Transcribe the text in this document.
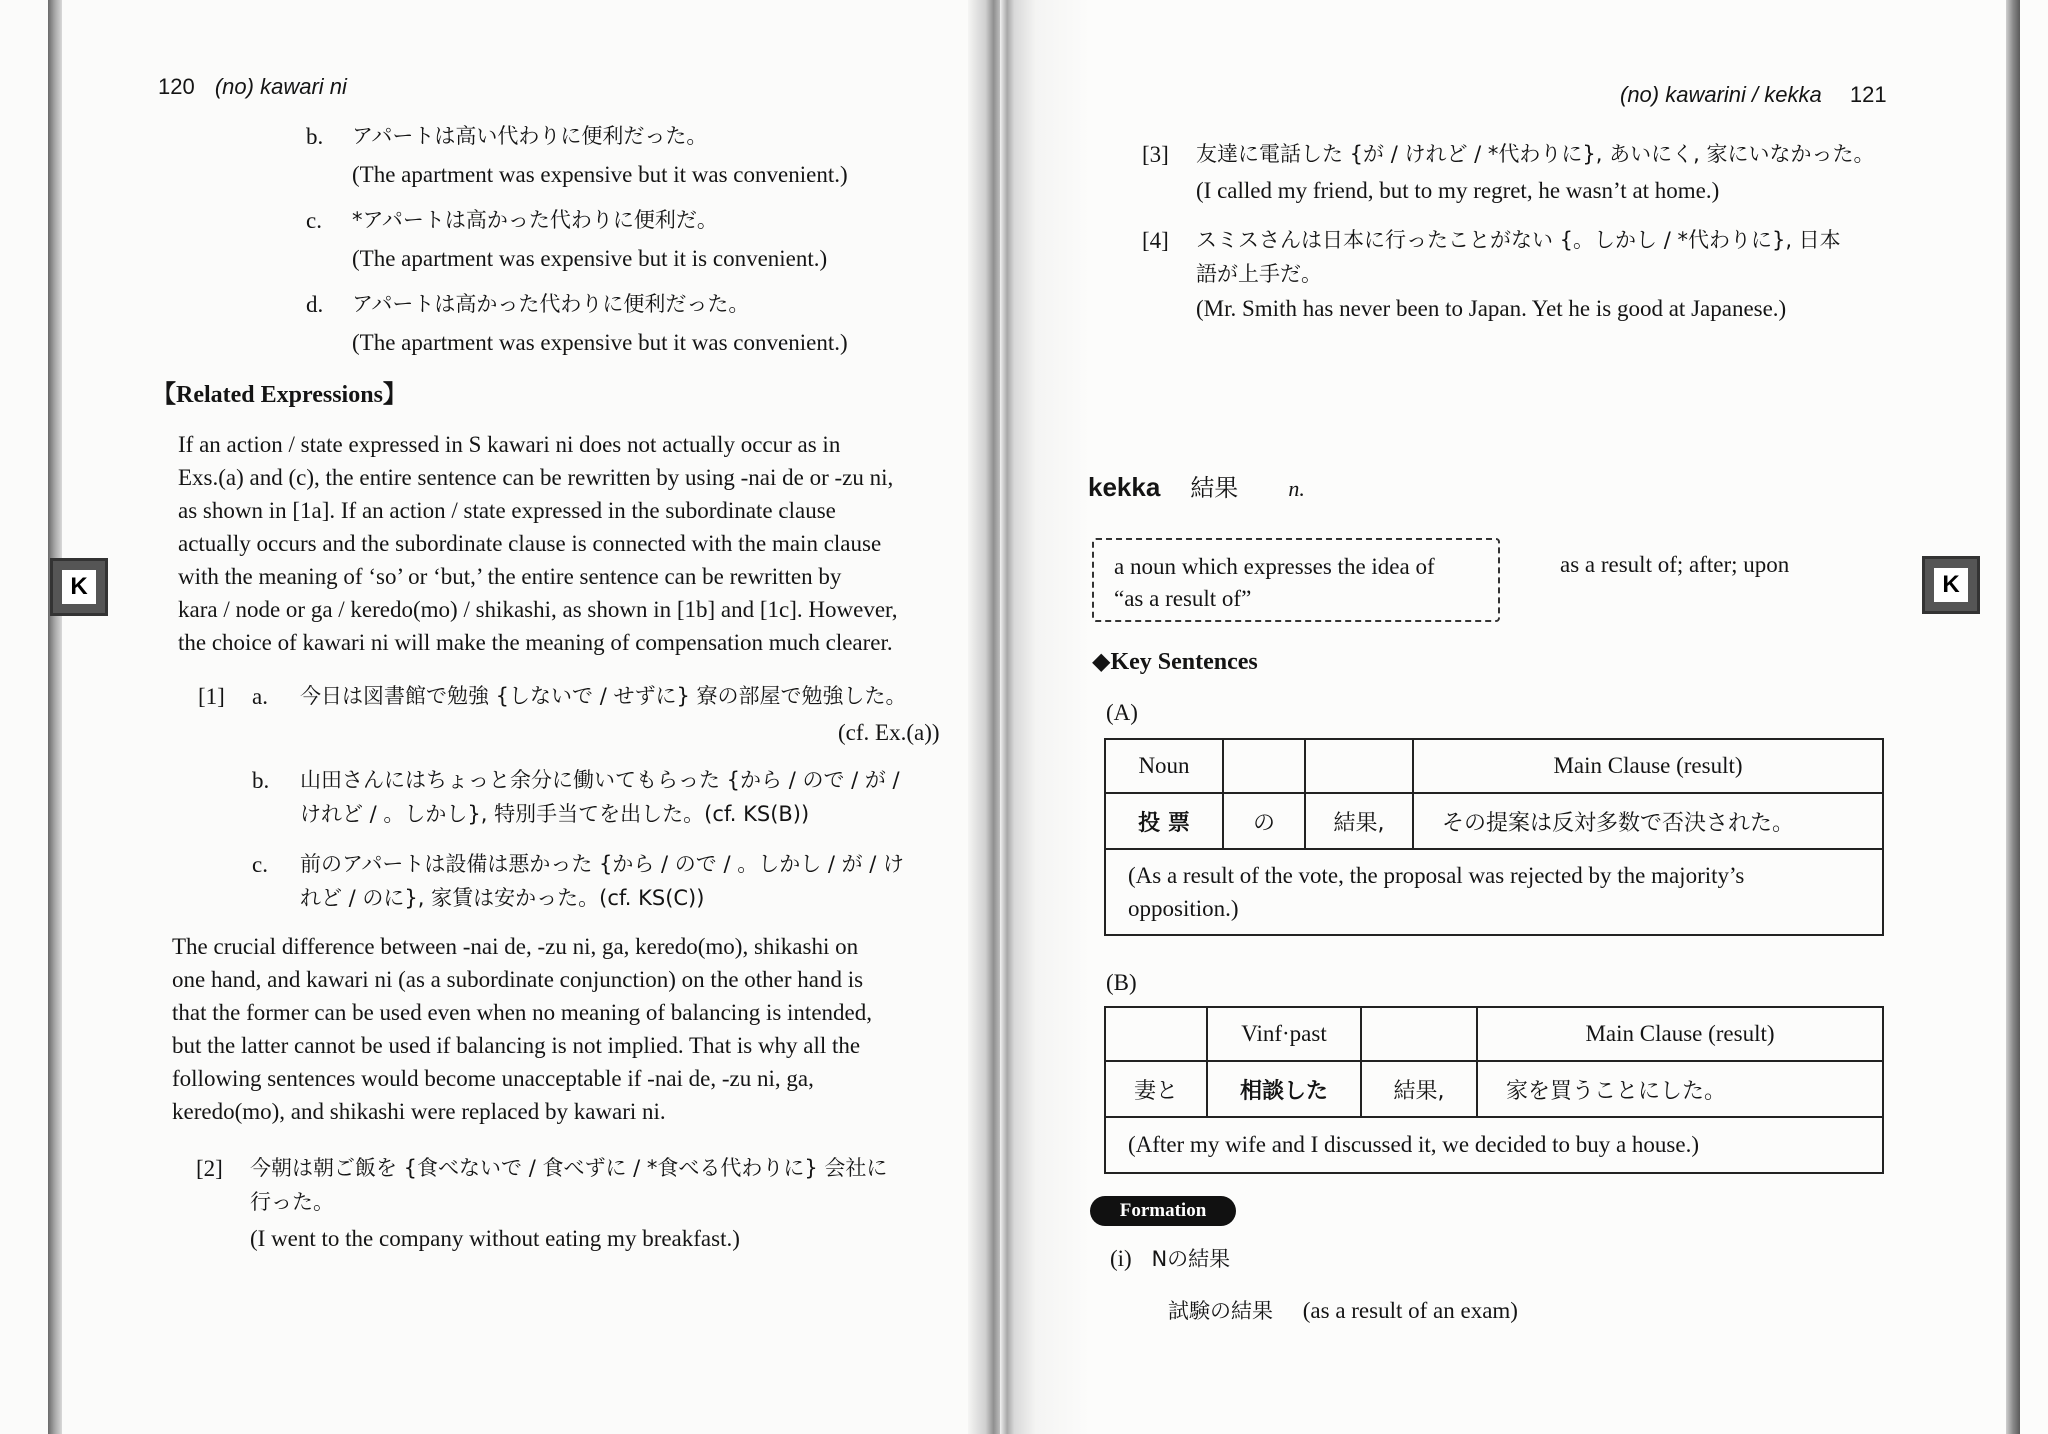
120 (no) kawari ni
b. アパートは高い代わりに便利だった。
(The apartment was expensive but it was convenient.)
c. *アパートは高かった代わりに便利だ。
(The apartment was expensive but it is convenient.)
d. アパートは高かった代わりに便利だった。
(The apartment was expensive but it was convenient.)
【Related Expressions】
If an action / state expressed in S kawari ni does not actually occur as in
Exs.(a) and (c), the entire sentence can be rewritten by using -nai de or -zu ni,
as shown in [1a]. If an action / state expressed in the subordinate clause
actually occurs and the subordinate clause is connected with the main clause
with the meaning of ‘so’ or ‘but,’ the entire sentence can be rewritten by
kara / node or ga / keredo(mo) / shikashi, as shown in [1b] and [1c]. However,
the choice of kawari ni will make the meaning of compensation much clearer.
[1] a. 今日は図書館で勉強 {しないで / せずに} 寮の部屋で勉強した。
(cf. Ex.(a))
b. 山田さんにはちょっと余分に働いてもらった {から / ので / が /
けれど / 。しかし}, 特別手当てを出した。(cf. KS(B))
c. 前のアパートは設備は悪かった {から / ので / 。しかし / が / け
れど / のに}, 家賃は安かった。(cf. KS(C))
The crucial difference between -nai de, -zu ni, ga, keredo(mo), shikashi on
one hand, and kawari ni (as a subordinate conjunction) on the other hand is
that the former can be used even when no meaning of balancing is intended,
but the latter cannot be used if balancing is not implied. That is why all the
following sentences would become unacceptable if -nai de, -zu ni, ga,
keredo(mo), and shikashi were replaced by kawari ni.
[2] 今朝は朝ご飯を {食べないで / 食べずに / *食べる代わりに} 会社に
行った。
(I went to the company without eating my breakfast.)
K
(no) kawarini / kekka 121
[3] 友達に電話した {が / けれど / *代わりに}, あいにく, 家にいなかった。
(I called my friend, but to my regret, he wasn’t at home.)
[4] スミスさんは日本に行ったことがない {。しかし / *代わりに}, 日本
語が上手だ。
(Mr. Smith has never been to Japan. Yet he is good at Japanese.)
kekka 結果 n.
a noun which expresses the idea of
“as a result of”
as a result of; after; upon
◆Key Sentences
(A)
Noun			Main Clause (result)
投 票	の	結果,	その提案は反対多数で否決された。

(As a result of the vote, the proposal was rejected by the majority’s
opposition.)			
(B)
	Vinf·past		Main Clause (result)
妻と	相談した	結果,	家を買うことにした。
(After my wife and I discussed it, we decided to buy a house.)			
Formation
(i) Nの結果
試験の結果 (as a result of an exam)
K
